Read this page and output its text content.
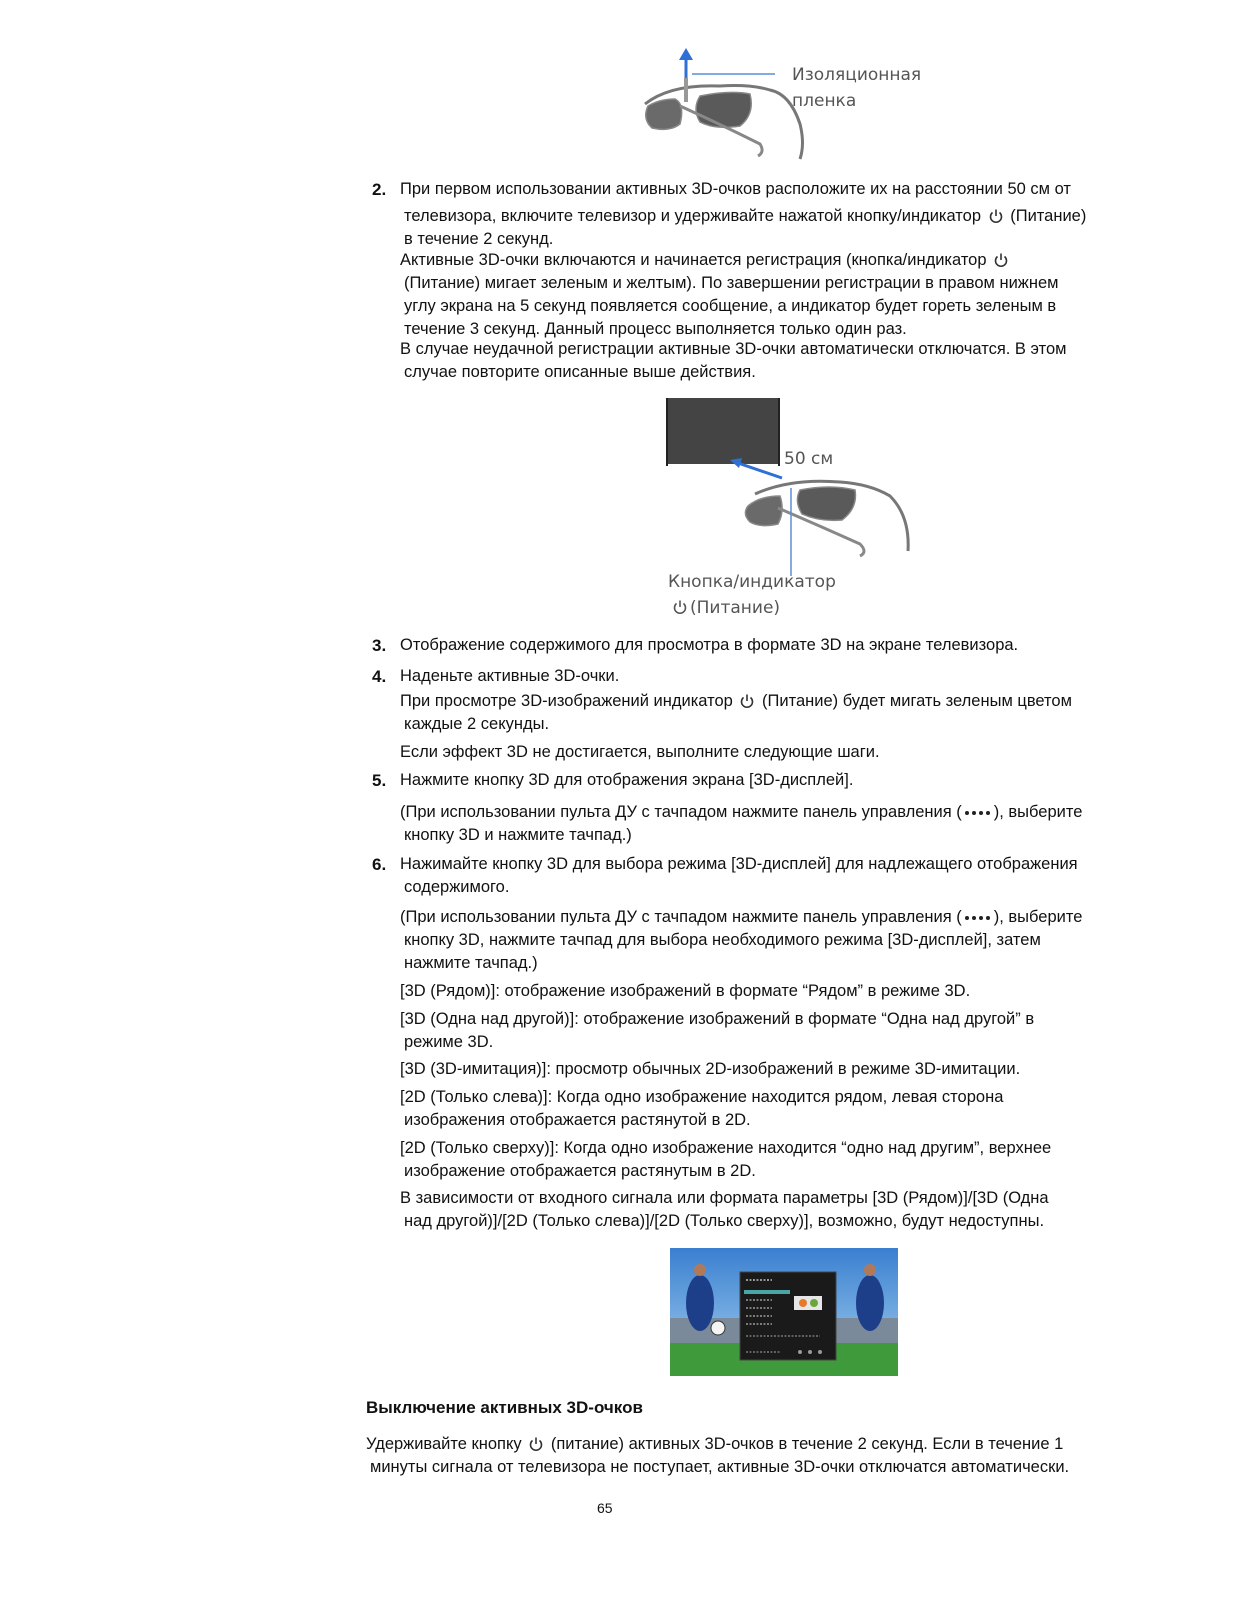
Изоляционная
пленка
2. При первом использовании активных 3D-очков расположите их на расстоянии 50 см от
телевизора, включите телевизор и удерживайте нажатой кнопку/индикатор (Питание)
в течение 2 секунд.
Активные 3D-очки включаются и начинается регистрация (кнопка/индикатор
(Питание) мигает зеленым и желтым). По завершении регистрации в правом нижнем
углу экрана на 5 секунд появляется сообщение, а индикатор будет гореть зеленым в
течение 3 секунд. Данный процесс выполняется только один раз.
В случае неудачной регистрации активные 3D-очки автоматически отключатся. В этом
случае повторите описанные выше действия.
50 см
Кнопка/индикатор
(Питание)
3. Отображение содержимого для просмотра в формате 3D на экране телевизора.
4. Наденьте активные 3D-очки.
При просмотре 3D-изображений индикатор (Питание) будет мигать зеленым цветом
каждые 2 секунды.
Если эффект 3D не достигается, выполните следующие шаги.
5. Нажмите кнопку 3D для отображения экрана [3D-дисплей].
(При использовании пульта ДУ с тачпадом нажмите панель управления ( ), выберите
кнопку 3D и нажмите тачпад.)
6. Нажимайте кнопку 3D для выбора режима [3D-дисплей] для надлежащего отображения
содержимого.
(При использовании пульта ДУ с тачпадом нажмите панель управления ( ), выберите
кнопку 3D, нажмите тачпад для выбора необходимого режима [3D-дисплей], затем
нажмите тачпад.)
[3D (Рядом)]: отображение изображений в формате “Рядом” в режиме 3D.
[3D (Одна над другой)]: отображение изображений в формате “Одна над другой” в
режиме 3D.
[3D (3D-имитация)]: просмотр обычных 2D-изображений в режиме 3D-имитации.
[2D (Только слева)]: Когда одно изображение находится рядом, левая сторона
изображения отображается растянутой в 2D.
[2D (Только сверху)]: Когда одно изображение находится “одно над другим”, верхнее
изображение отображается растянутым в 2D.
В зависимости от входного сигнала или формата параметры [3D (Рядом)]/[3D (Одна
над другой)]/[2D (Только слева)]/[2D (Только сверху)], возможно, будут недоступны.
Выключение активных 3D-очков
Удерживайте кнопку (питание) активных 3D-очков в течение 2 секунд. Если в течение 1
минуты сигнала от телевизора не поступает, активные 3D-очки отключатся автоматически.
65
